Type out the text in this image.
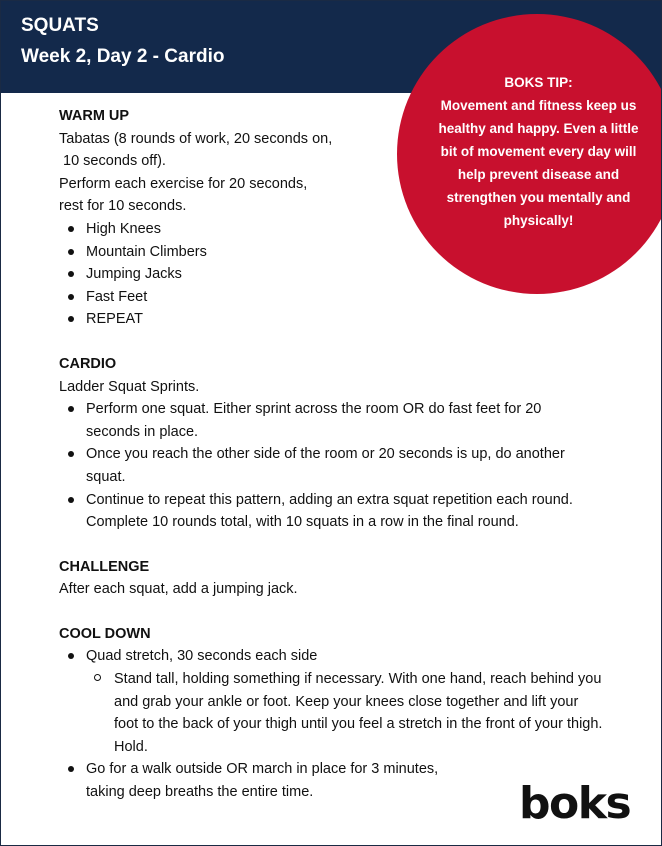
SQUATS
Week 2, Day 2 - Cardio
BOKS TIP:
Movement and fitness keep us healthy and happy. Even a little bit of movement every day will help prevent disease and strengthen you mentally and physically!
WARM UP

Tabatas (8 rounds of work, 20 seconds on,

10 seconds off).

Perform each exercise for 20 seconds,

rest for 10 seconds.

High Knees
Mountain Climbers
Jumping Jacks
Fast Feet
REPEAT
CARDIO

Ladder Squat Sprints.

Perform one squat. Either sprint across the room OR do fast feet for 20 seconds in place.
Once you reach the other side of the room or 20 seconds is up, do another squat.
Continue to repeat this pattern, adding an extra squat repetition each round. Complete 10 rounds total, with 10 squats in a row in the final round.
CHALLENGE

After each squat, add a jumping jack.

COOL DOWN
Quad stretch, 30 seconds each side
Stand tall, holding something if necessary. With one hand, reach behind you and grab your ankle or foot. Keep your knees close together and lift your foot to the back of your thigh until you feel a stretch in the front of your thigh. Hold.
Go for a walk outside OR march in place for 3 minutes, taking deep breaths the entire time.	boks
